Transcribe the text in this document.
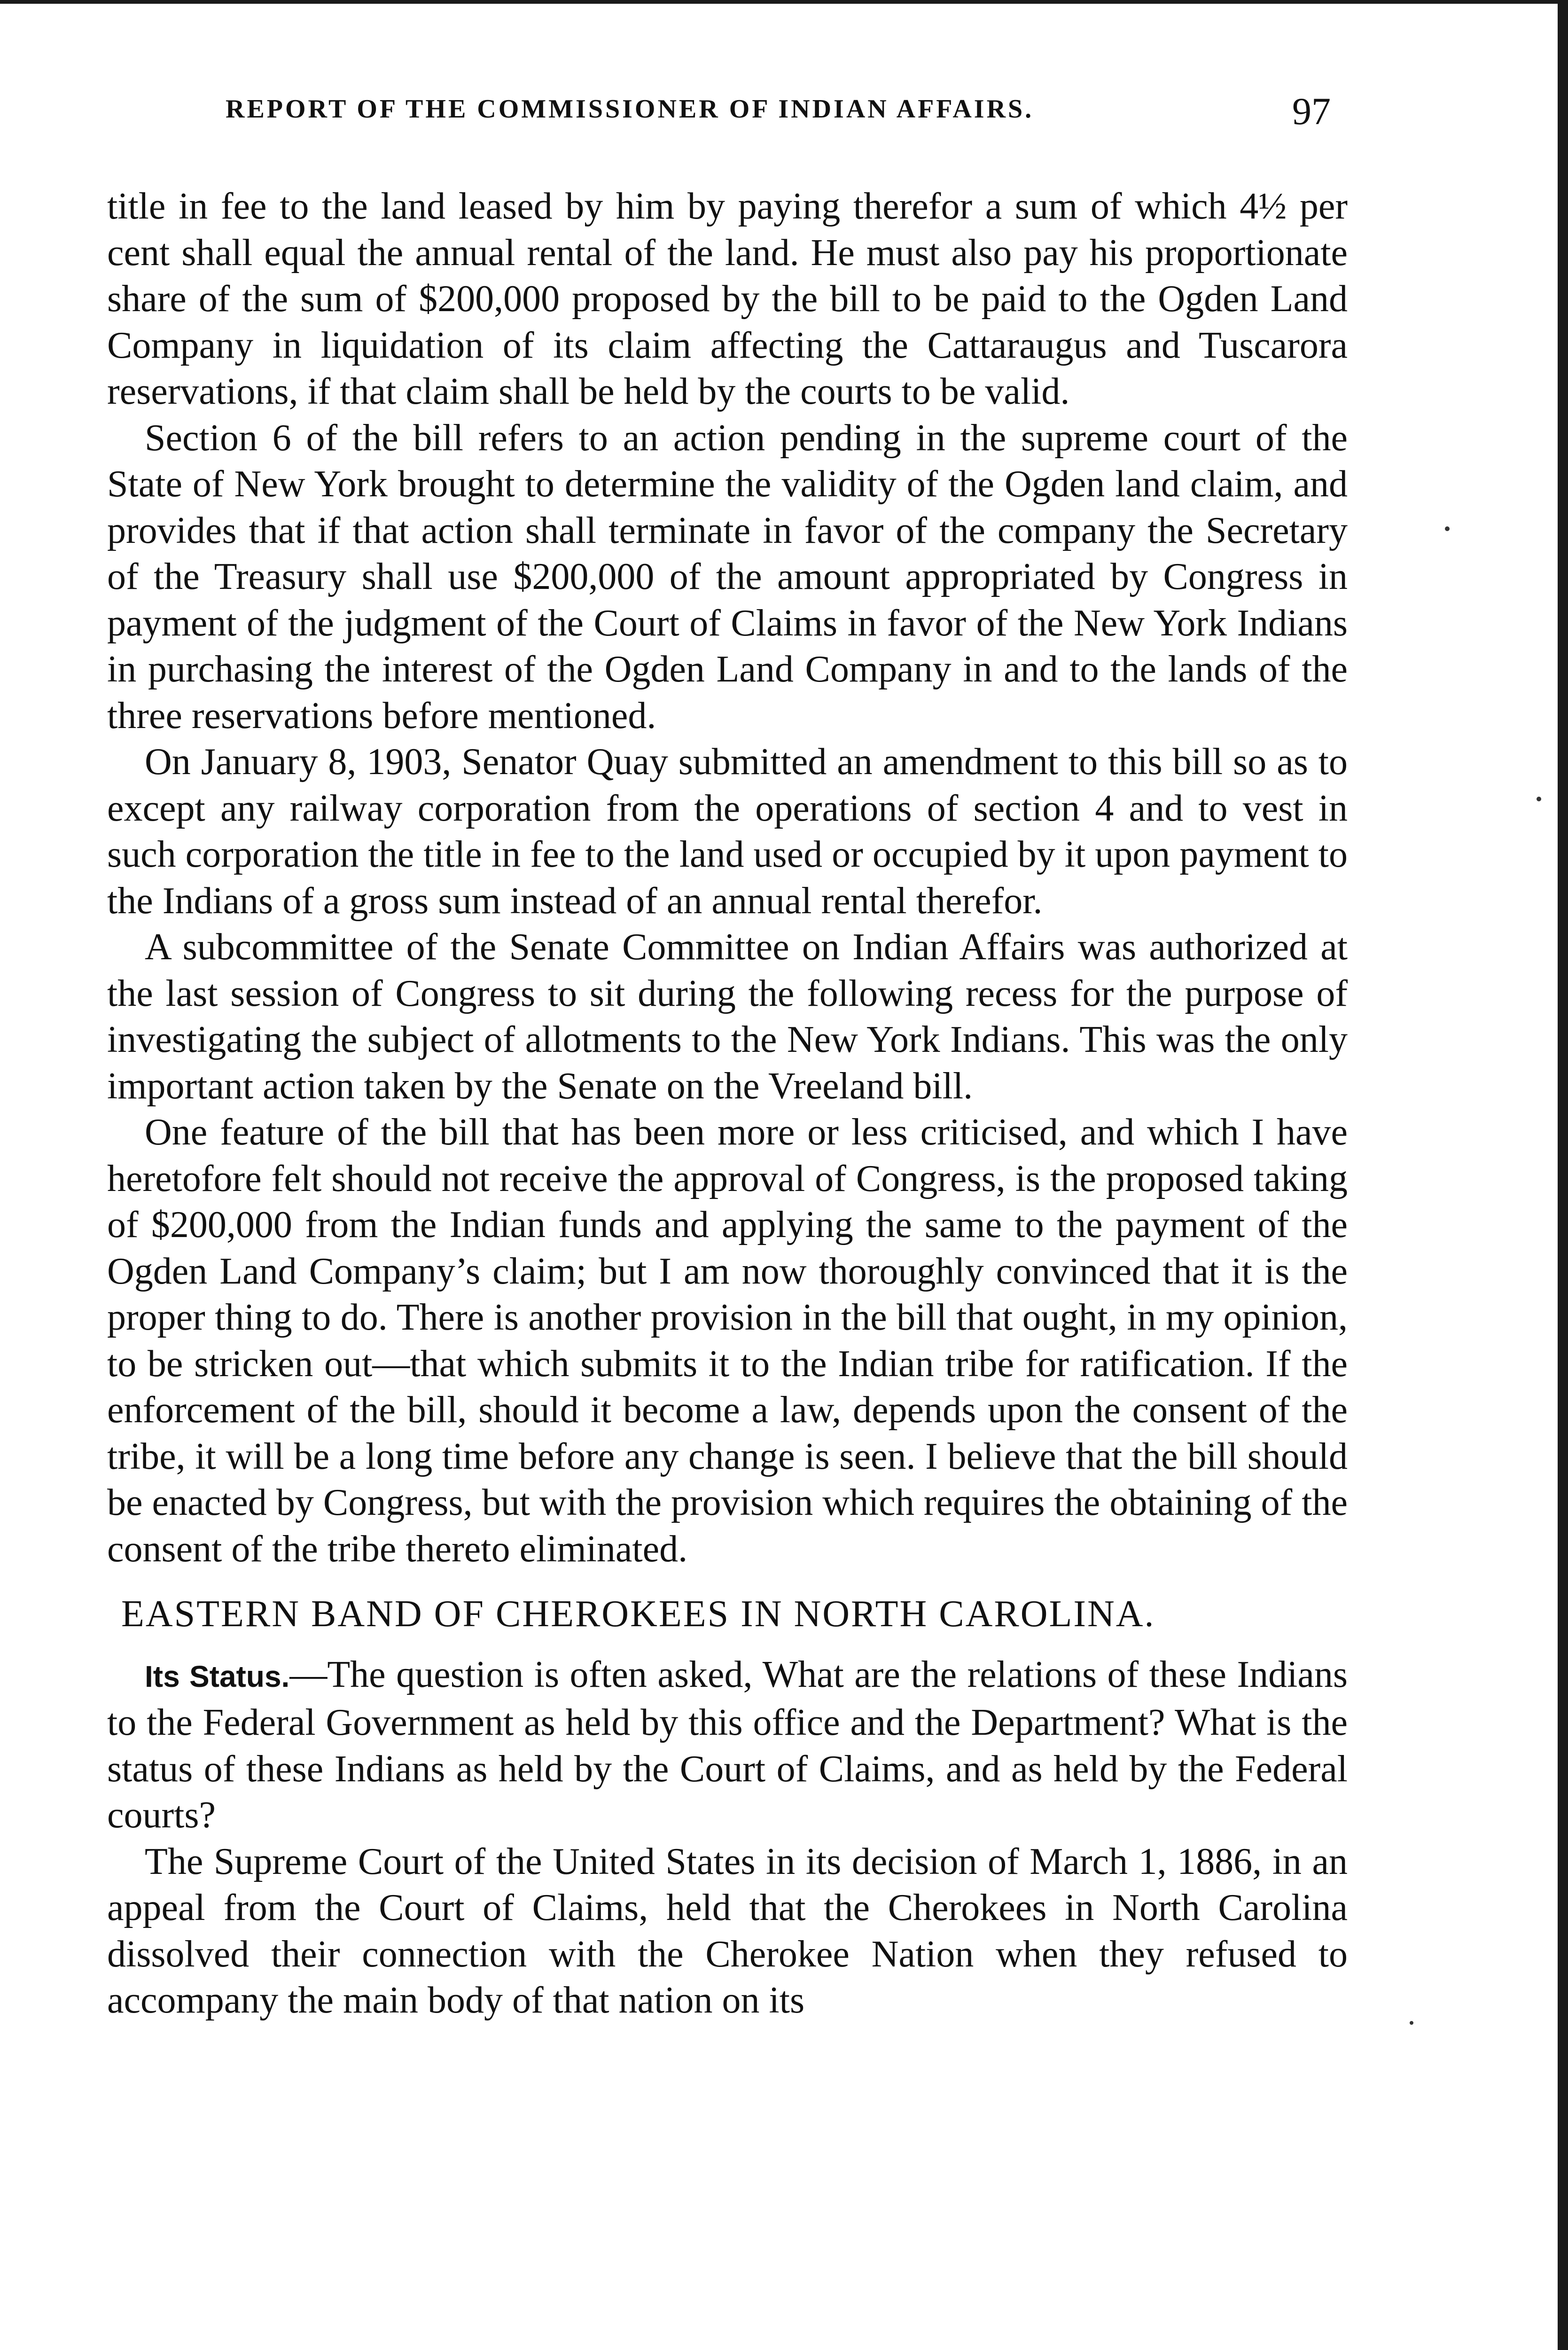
REPORT OF THE COMMISSIONER OF INDIAN AFFAIRS.	97

title in fee to the land leased by him by paying therefor a sum of which 4½ per cent shall equal the annual rental of the land. He must also pay his proportionate share of the sum of $200,000 proposed by the bill to be paid to the Ogden Land Company in liquidation of its claim affecting the Cattaraugus and Tuscarora reservations, if that claim shall be held by the courts to be valid.

Section 6 of the bill refers to an action pending in the supreme court of the State of New York brought to determine the validity of the Ogden land claim, and provides that if that action shall terminate in favor of the company the Secretary of the Treasury shall use $200,000 of the amount appropriated by Congress in payment of the judgment of the Court of Claims in favor of the New York Indians in purchasing the interest of the Ogden Land Company in and to the lands of the three reservations before mentioned.

On January 8, 1903, Senator Quay submitted an amendment to this bill so as to except any railway corporation from the operations of section 4 and to vest in such corporation the title in fee to the land used or occupied by it upon payment to the Indians of a gross sum instead of an annual rental therefor.

A subcommittee of the Senate Committee on Indian Affairs was authorized at the last session of Congress to sit during the following recess for the purpose of investigating the subject of allotments to the New York Indians. This was the only important action taken by the Senate on the Vreeland bill.

One feature of the bill that has been more or less criticised, and which I have heretofore felt should not receive the approval of Congress, is the proposed taking of $200,000 from the Indian funds and applying the same to the payment of the Ogden Land Company’s claim; but I am now thoroughly convinced that it is the proper thing to do. There is another provision in the bill that ought, in my opinion, to be stricken out—that which submits it to the Indian tribe for ratification. If the enforcement of the bill, should it become a law, depends upon the consent of the tribe, it will be a long time before any change is seen. I believe that the bill should be enacted by Congress, but with the provision which requires the obtaining of the consent of the tribe thereto eliminated.

EASTERN BAND OF CHEROKEES IN NORTH CAROLINA.

Its Status.—The question is often asked, What are the relations of these Indians to the Federal Government as held by this office and the Department? What is the status of these Indians as held by the Court of Claims, and as held by the Federal courts?

The Supreme Court of the United States in its decision of March 1, 1886, in an appeal from the Court of Claims, held that the Cherokees in North Carolina dissolved their connection with the Cherokee Nation when they refused to accompany the main body of that nation on its
